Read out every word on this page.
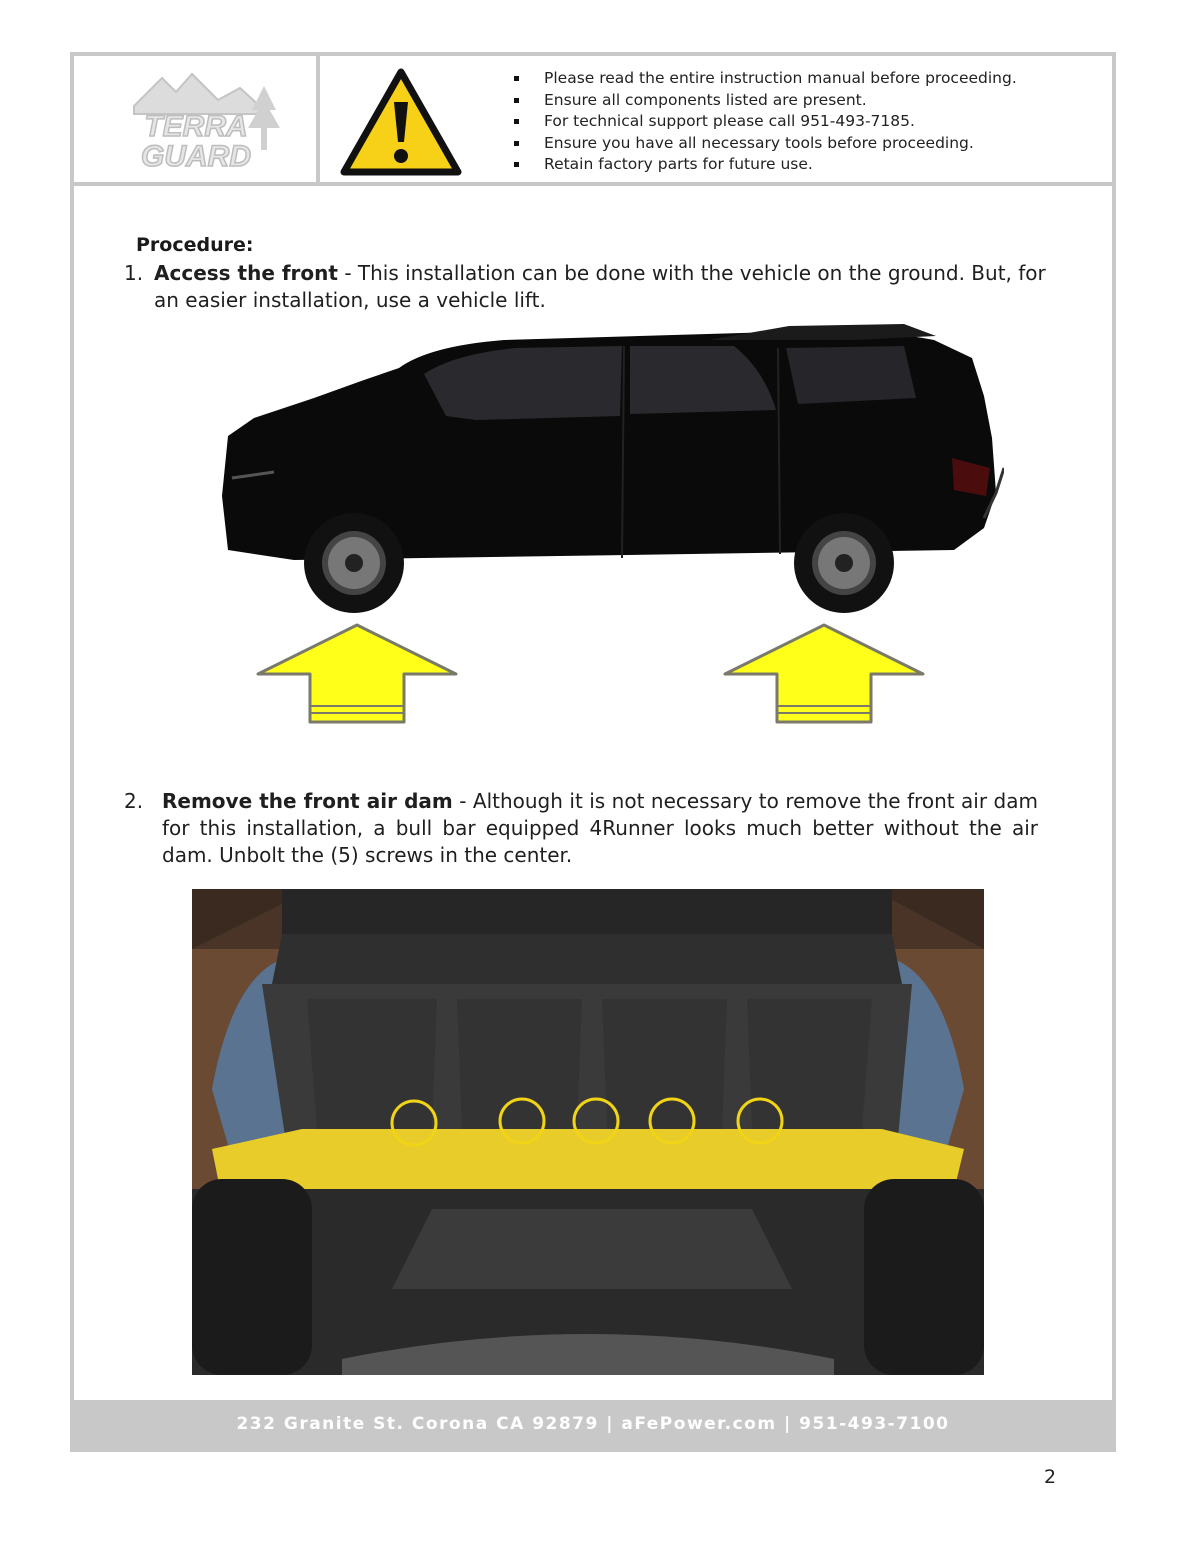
TERRA
GUARD
Please read the entire instruction manual before proceeding.
Ensure all components listed are present.
For technical support please call 951-493-7185.
Ensure you have all necessary tools before proceeding.
Retain factory parts for future use.
Procedure:
1. Access the front - This installation can be done with the vehicle on the ground. But, for an easier installation, use a vehicle lift.
2. Remove the front air dam - Although it is not necessary to remove the front air dam for this installation, a bull bar equipped 4Runner looks much better without the air dam. Unbolt the (5) screws in the center.
232 Granite St. Corona CA 92879 | aFePower.com | 951-493-7100
2
